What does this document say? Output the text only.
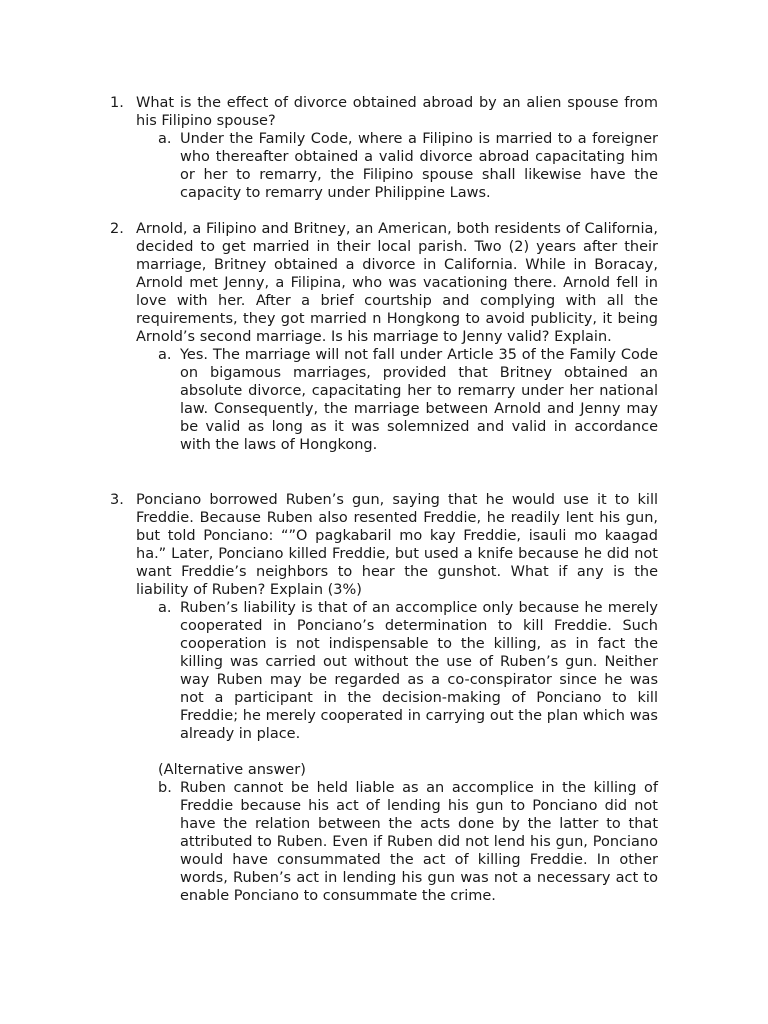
1. What is the effect of divorce obtained abroad by an alien spouse from his Filipino spouse?
a. Under the Family Code, where a Filipino is married to a foreigner who thereafter obtained a valid divorce abroad capacitating him or her to remarry, the Filipino spouse shall likewise have the capacity to remarry under Philippine Laws.
2. Arnold, a Filipino and Britney, an American, both residents of California, decided to get married in their local parish. Two (2) years after their marriage, Britney obtained a divorce in California. While in Boracay, Arnold met Jenny, a Filipina, who was vacationing there. Arnold fell in love with her. After a brief courtship and complying with all the requirements, they got married n Hongkong to avoid publicity, it being Arnold’s second marriage. Is his marriage to Jenny valid? Explain.
a. Yes. The marriage will not fall under Article 35 of the Family Code on bigamous marriages, provided that Britney obtained an absolute divorce, capacitating her to remarry under her national law. Consequently, the marriage between Arnold and Jenny may be valid as long as it was solemnized and valid in accordance with the laws of Hongkong.
3. Ponciano borrowed Ruben’s gun, saying that he would use it to kill Freddie. Because Ruben also resented Freddie, he readily lent his gun, but told Ponciano: “”O pagkabaril mo kay Freddie, isauli mo kaagad ha.” Later, Ponciano killed Freddie, but used a knife because he did not want Freddie’s neighbors to hear the gunshot. What if any is the liability of Ruben? Explain (3%)
a. Ruben’s liability is that of an accomplice only because he merely cooperated in Ponciano’s determination to kill Freddie. Such cooperation is not indispensable to the killing, as in fact the killing was carried out without the use of Ruben’s gun. Neither way Ruben may be regarded as a co-conspirator since he was not a participant in the decision-making of Ponciano to kill Freddie; he merely cooperated in carrying out the plan which was already in place.
(Alternative answer)
b. Ruben cannot be held liable as an accomplice in the killing of Freddie because his act of lending his gun to Ponciano did not have the relation between the acts done by the latter to that attributed to Ruben. Even if Ruben did not lend his gun, Ponciano would have consummated the act of killing Freddie. In other words, Ruben’s act in lending his gun was not a necessary act to enable Ponciano to consummate the crime.
